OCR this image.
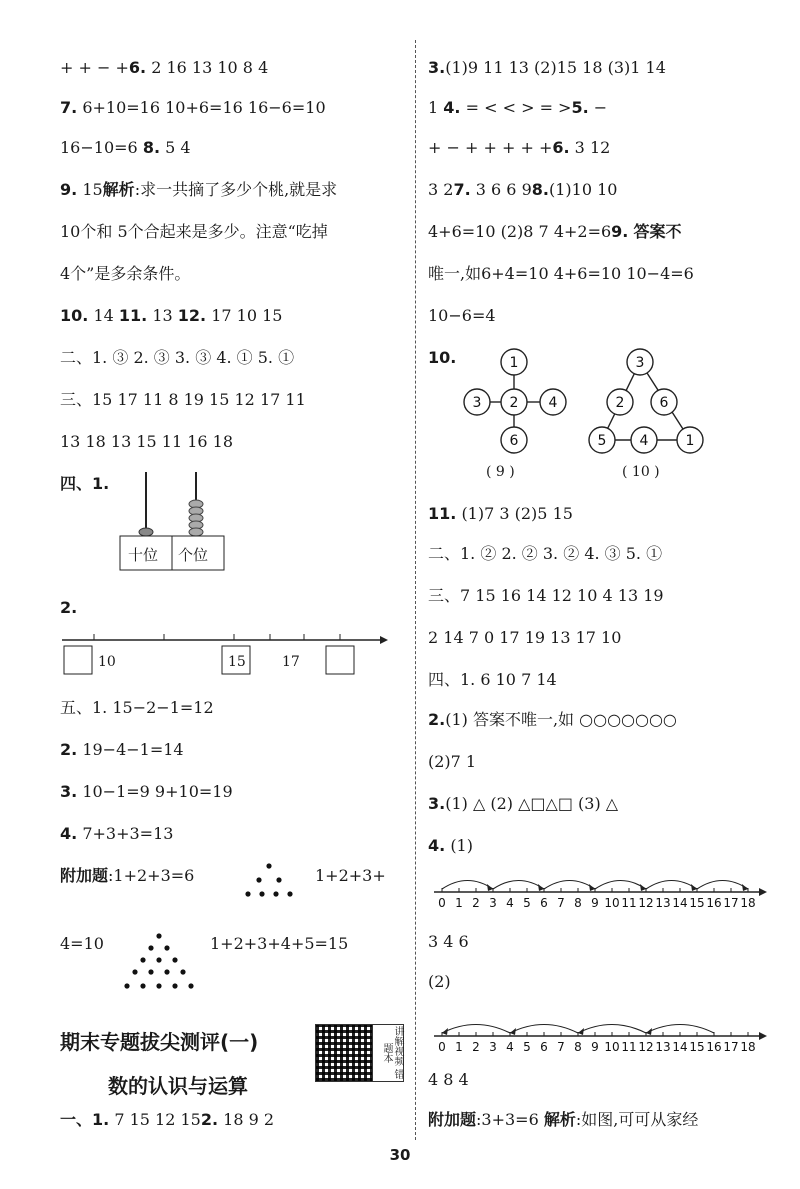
+ + − +6. 2 16 13 10 8 4
7. 6+10=16 10+6=16 16−6=10
16−10=6 8. 5 4
9. 15解析:求一共摘了多少个桃,就是求
10个和 5个合起来是多少。注意“吃掉
4个”是多余条件。
10. 14 11. 13 12. 17 10 15
二、1. ③ 2. ③ 3. ③ 4. ① 5. ①
三、15 17 11 8 19 15 12 17 11
13 18 13 15 11 16 18
四、1.
十位 个位
2.
10	15	17
五、1. 15−2−1=12
2. 19−4−1=14
3. 10−1=9 9+10=19
4. 7+3+3=13
附加题:1+2+3=6	1+2+3+
4=10	1+2+3+4+5=15
期末专题拔尖测评(一)
数的认识与运算
一、1. 7 15 12 152. 18 9 2
讲解视频 错题本
3.(1)9 11 13 (2)15 18 (3)1 14
1 4. = < < > = >5. −
+ − + + + + +6. 3 12
3 27. 3 6 6 98.(1)10 10
4+6=10 (2)8 7 4+2=69. 答案不
唯一,如6+4=10 4+6=10 10−4=6
10−6=4
10.	1
3 2 4
6
( 9 )
3
2	6
5 4	1
( 10 )
11. (1)7 3 (2)5 15
二、1. ② 2. ② 3. ② 4. ③ 5. ①
三、7 15 16 14 12 10 4 13 19
2 14 7 0 17 19 13 17 10
四、1. 6 10 7 14
2.(1) 答案不唯一,如 ○○○○○○○
(2)7 1
3.(1) △ (2) △□△□ (3) △
4. (1)
0 1 2 3 4 5 6 7 8 9 10 11 12 13 14 15 16 17 18
3 4 6
(2)
0 1 2 3 4 5 6 7 8 9 10 11 12 13 14 15 16 17 18
4 8 4
附加题:3+3=6 解析:如图,可可从家经
30
